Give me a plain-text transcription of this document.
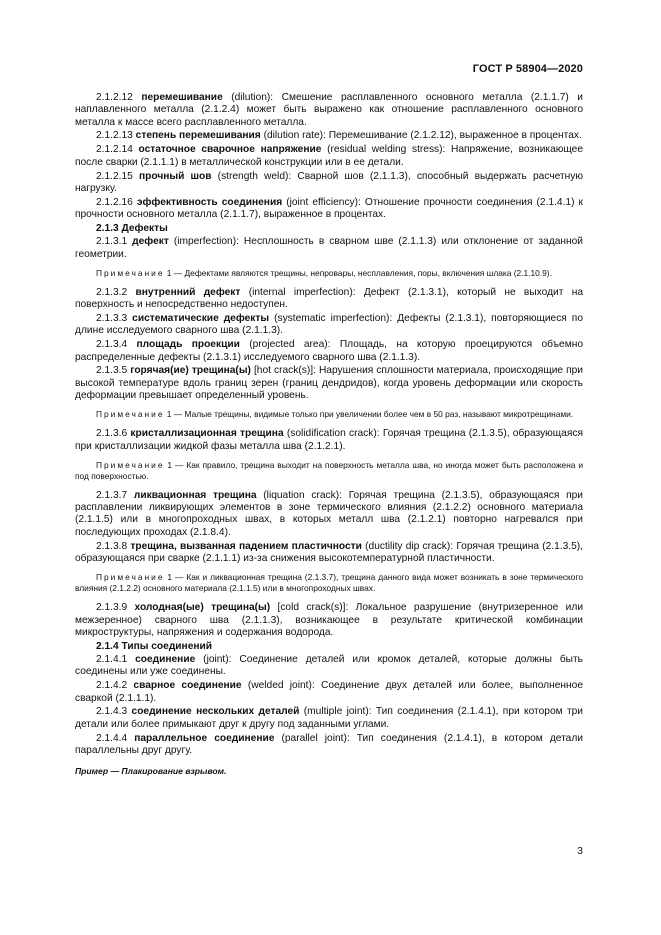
ГОСТ Р 58904—2020

2.1.2.12 перемешивание (dilution): Смешение расплавленного основного металла (2.1.1.7) и наплавленного металла (2.1.2.4) может быть выражено как отношение расплавленного основного металла к массе всего расплавленного металла.

2.1.2.13 степень перемешивания (dilution rate): Перемешивание (2.1.2.12), выраженное в процентах.

2.1.2.14 остаточное сварочное напряжение (residual welding stress): Напряжение, возникающее после сварки (2.1.1.1) в металлической конструкции или в ее детали.

2.1.2.15 прочный шов (strength weld): Сварной шов (2.1.1.3), способный выдержать расчетную нагрузку.

2.1.2.16 эффективность соединения (joint efficiency): Отношение прочности соединения (2.1.4.1) к прочности основного металла (2.1.1.7), выраженное в процентах.

2.1.3 Дефекты

2.1.3.1 дефект (imperfection): Несплошность в сварном шве (2.1.1.3) или отклонение от заданной геометрии.

Примечание 1 — Дефектами являются трещины, непровары, несплавления, поры, включения шлака (2.1.10.9).

2.1.3.2 внутренний дефект (internal imperfection): Дефект (2.1.3.1), который не выходит на поверхность и непосредственно недоступен.

2.1.3.3 систематические дефекты (systematic imperfection): Дефекты (2.1.3.1), повторяющиеся по длине исследуемого сварного шва (2.1.1.3).

2.1.3.4 площадь проекции (projected area): Площадь, на которую проецируются объемно распределенные дефекты (2.1.3.1) исследуемого сварного шва (2.1.1.3).

2.1.3.5 горячая(ие) трещина(ы) [hot crack(s)]: Нарушения сплошности материала, происходящие при высокой температуре вдоль границ зерен (границ дендридов), когда уровень деформации или скорость деформации превышает определенный уровень.

Примечание 1 — Малые трещины, видимые только при увеличении более чем в 50 раз, называют микротрещинами.

2.1.3.6 кристаллизационная трещина (solidification crack): Горячая трещина (2.1.3.5), образующаяся при кристаллизации жидкой фазы металла шва (2.1.2.1).

Примечание 1 — Как правило, трещина выходит на поверхность металла шва, но иногда может быть расположена и под поверхностью.

2.1.3.7 ликвационная трещина (liquation crack): Горячая трещина (2.1.3.5), образующаяся при расплавлении ликвирующих элементов в зоне термического влияния (2.1.2.2) основного материала (2.1.1.5) или в многопроходных швах, в которых металл шва (2.1.2.1) повторно нагревался при последующих проходах (2.1.8.4).

2.1.3.8 трещина, вызванная падением пластичности (ductility dip crack): Горячая трещина (2.1.3.5), образующаяся при сварке (2.1.1.1) из-за снижения высокотемпературной пластичности.

Примечание 1 — Как и ликвационная трещина (2.1.3.7), трещина данного вида может возникать в зоне термического влияния (2.1.2.2) основного материала (2.1.1.5) или в многопроходных швах.

2.1.3.9 холодная(ые) трещина(ы) [cold crack(s)]: Локальное разрушение (внутризеренное или межзеренное) сварного шва (2.1.1.3), возникающее в результате критической комбинации микроструктуры, напряжения и содержания водорода.

2.1.4 Типы соединений

2.1.4.1 соединение (joint): Соединение деталей или кромок деталей, которые должны быть соединены или уже соединены.

2.1.4.2 сварное соединение (welded joint): Соединение двух деталей или более, выполненное сваркой (2.1.1.1).

2.1.4.3 соединение нескольких деталей (multiple joint): Тип соединения (2.1.4.1), при котором три детали или более примыкают друг к другу под заданными углами.

2.1.4.4 параллельное соединение (parallel joint): Тип соединения (2.1.4.1), в котором детали параллельны друг другу.

Пример — Плакирование взрывом.

3
